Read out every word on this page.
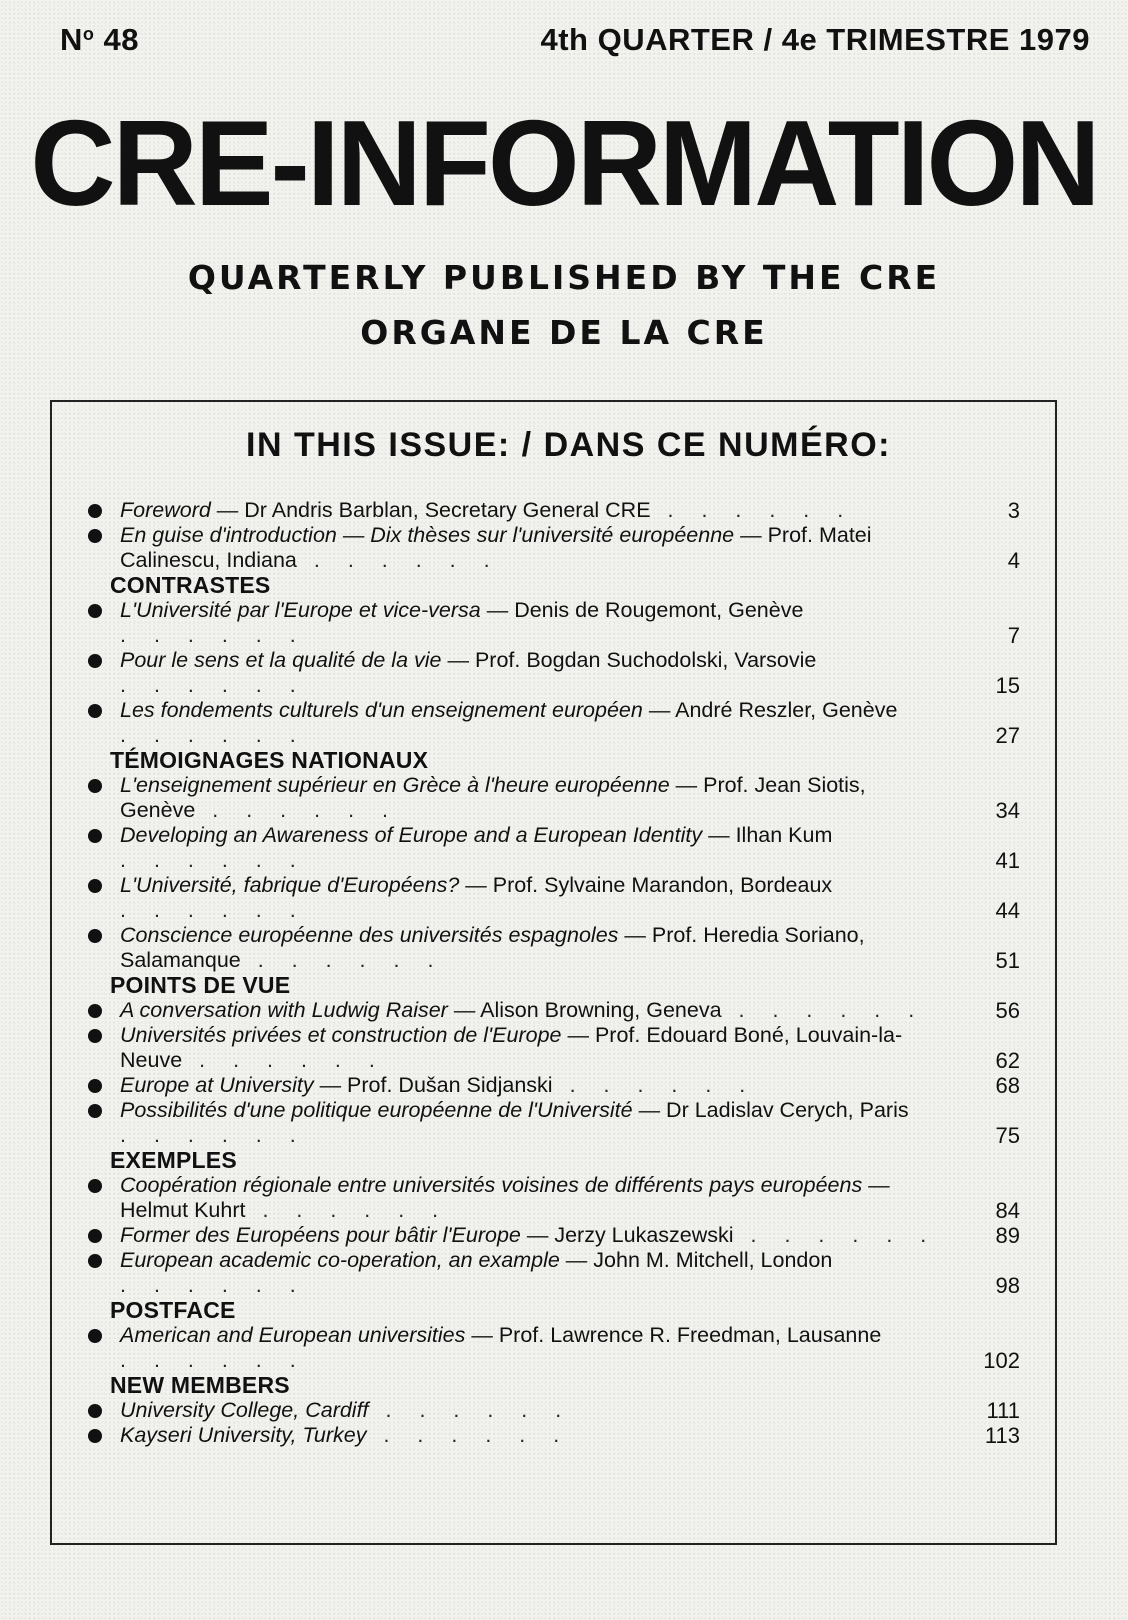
$N^o$ 48	4th QUARTER / 4e TRIMESTRE 1979
CRE-INFORMATION
QUARTERLY PUBLISHED BY THE CRE
ORGANE DE LA CRE
IN THIS ISSUE: / DANS CE NUMÉRO:
Foreword — Dr Andris Barblan, Secretary General CRE . . . . . .	3
En guise d'introduction — Dix thèses sur l'université européenne — Prof. Matei Calinescu, Indiana . . . . . .	4
CONTRASTES
L'Université par l'Europe et vice-versa — Denis de Rougemont, Genève . . . . . .	7
Pour le sens et la qualité de la vie — Prof. Bogdan Suchodolski, Varsovie . . . . . .	15
Les fondements culturels d'un enseignement européen — André Reszler, Genève . . . . . .	27
TÉMOIGNAGES NATIONAUX
L'enseignement supérieur en Grèce à l'heure européenne — Prof. Jean Siotis, Genève . . . . . .	34
Developing an Awareness of Europe and a European Identity — Ilhan Kum . . . . . .	41
L'Université, fabrique d'Européens? — Prof. Sylvaine Marandon, Bordeaux . . . . . .	44
Conscience européenne des universités espagnoles — Prof. Heredia Soriano, Salamanque . . . . . .	51
POINTS DE VUE
A conversation with Ludwig Raiser — Alison Browning, Geneva . . . . . .	56
Universités privées et construction de l'Europe — Prof. Edouard Boné, Louvain-la-Neuve . . . . . .	62
Europe at University — Prof. Dušan Sidjanski . . . . . .	68
Possibilités d'une politique européenne de l'Université — Dr Ladislav Cerych, Paris . . . . . .	75
EXEMPLES
Coopération régionale entre universités voisines de différents pays européens — Helmut Kuhrt . . . . . .	84
Former des Européens pour bâtir l'Europe — Jerzy Lukaszewski . . . . . .	89
European academic co-operation, an example — John M. Mitchell, London . . . . . .	98
POSTFACE
American and European universities — Prof. Lawrence R. Freedman, Lausanne . . . . . .	102
NEW MEMBERS
University College, Cardiff . . . . . .	111
Kayseri University, Turkey . . . . . .	113
